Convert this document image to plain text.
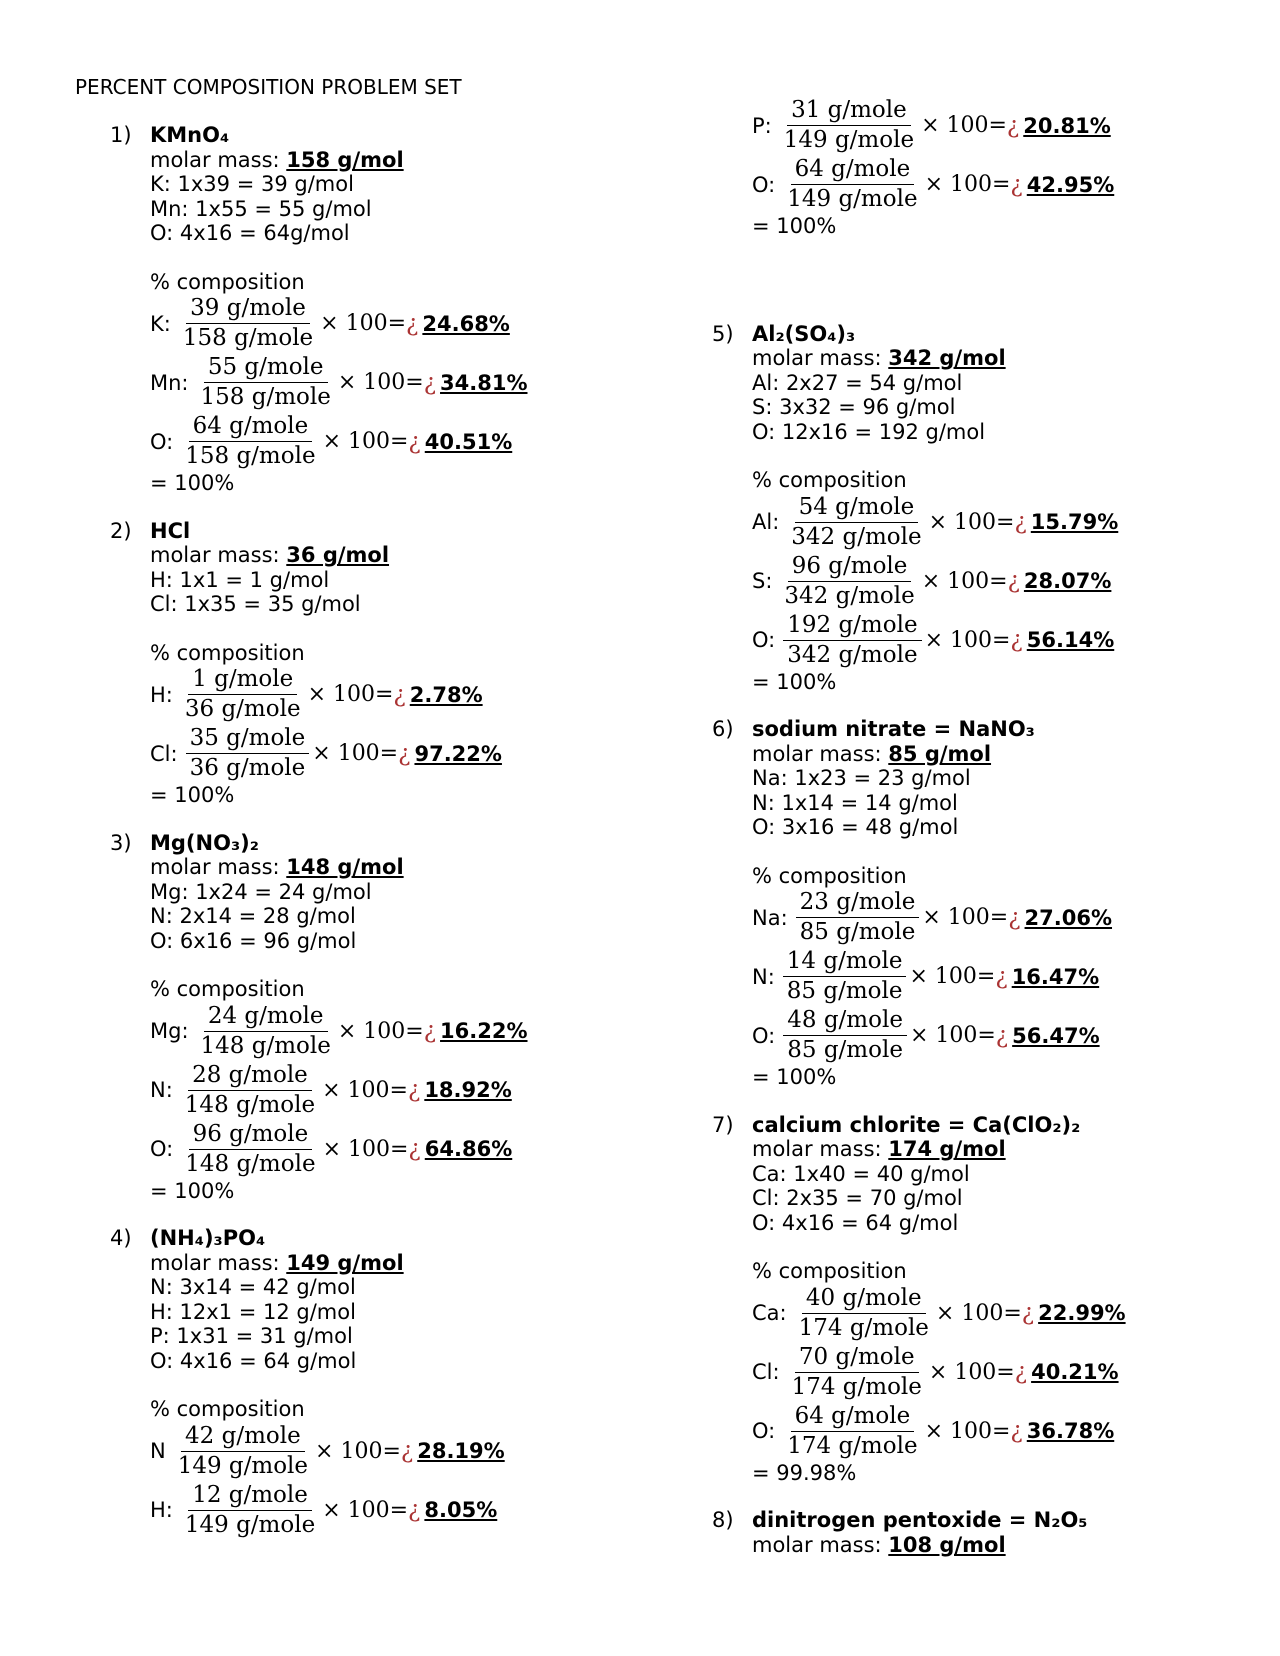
PERCENT COMPOSITION PROBLEM SET
1) KMnO₄
molar mass: 158 g/mol
K: 1x39 = 39 g/mol
Mn: 1x55 = 55 g/mol
O: 4x16 = 64g/mol
% composition
K: $\frac{\text{39 g/mole}}{\text{158 g/mole}} \times 100=$ ¿ 24.68%
Mn: $\frac{\text{55 g/mole}}{\text{158 g/mole}} \times 100=$ ¿ 34.81%
O: $\frac{\text{64 g/mole}}{\text{158 g/mole}} \times 100=$ ¿ 40.51%
= 100%
2) HCl
molar mass: 36 g/mol
H: 1x1 = 1 g/mol
Cl: 1x35 = 35 g/mol
% composition
H: $\frac{\text{1 g/mole}}{\text{36 g/mole}} \times 100=$ ¿ 2.78%
Cl: $\frac{\text{35 g/mole}}{\text{36 g/mole}} \times 100=$ ¿ 97.22%
= 100%
3) Mg(NO₃)₂
molar mass: 148 g/mol
Mg: 1x24 = 24 g/mol
N: 2x14 = 28 g/mol
O: 6x16 = 96 g/mol
% composition
Mg: $\frac{\text{24 g/mole}}{\text{148 g/mole}} \times 100=$ ¿ 16.22%
N: $\frac{\text{28 g/mole}}{\text{148 g/mole}} \times 100=$ ¿ 18.92%
O: $\frac{\text{96 g/mole}}{\text{148 g/mole}} \times 100=$ ¿ 64.86%
= 100%
4) (NH₄)₃PO₄
molar mass: 149 g/mol
N: 3x14 = 42 g/mol
H: 12x1 = 12 g/mol
P: 1x31 = 31 g/mol
O: 4x16 = 64 g/mol
% composition
N $\frac{\text{42 g/mole}}{\text{149 g/mole}} \times 100=$ ¿ 28.19%
H: $\frac{\text{12 g/mole}}{\text{149 g/mole}} \times 100=$ ¿ 8.05%
P: $\frac{\text{31 g/mole}}{\text{149 g/mole}} \times 100=$ ¿ 20.81%
O: $\frac{\text{64 g/mole}}{\text{149 g/mole}} \times 100=$ ¿ 42.95%
= 100%
5) Al₂(SO₄)₃
molar mass: 342 g/mol
Al: 2x27 = 54 g/mol
S: 3x32 = 96 g/mol
O: 12x16 = 192 g/mol
% composition
Al: $\frac{\text{54 g/mole}}{\text{342 g/mole}} \times 100=$ ¿ 15.79%
S: $\frac{\text{96 g/mole}}{\text{342 g/mole}} \times 100=$ ¿ 28.07%
O: $\frac{\text{192 g/mole}}{\text{342 g/mole}} \times 100=$ ¿ 56.14%
= 100%
6) sodium nitrate = NaNO₃
molar mass: 85 g/mol
Na: 1x23 = 23 g/mol
N: 1x14 = 14 g/mol
O: 3x16 = 48 g/mol
% composition
Na: $\frac{\text{23 g/mole}}{\text{85 g/mole}} \times 100=$ ¿ 27.06%
N: $\frac{\text{14 g/mole}}{\text{85 g/mole}} \times 100=$ ¿ 16.47%
O: $\frac{\text{48 g/mole}}{\text{85 g/mole}} \times 100=$ ¿ 56.47%
= 100%
7) calcium chlorite = Ca(ClO₂)₂
molar mass: 174 g/mol
Ca: 1x40 = 40 g/mol
Cl: 2x35 = 70 g/mol
O: 4x16 = 64 g/mol
% composition
Ca: $\frac{\text{40 g/mole}}{\text{174 g/mole}} \times 100=$ ¿ 22.99%
Cl: $\frac{\text{70 g/mole}}{\text{174 g/mole}} \times 100=$ ¿ 40.21%
O: $\frac{\text{64 g/mole}}{\text{174 g/mole}} \times 100=$ ¿ 36.78%
= 99.98%
8) dinitrogen pentoxide = N₂O₅
molar mass: 108 g/mol
